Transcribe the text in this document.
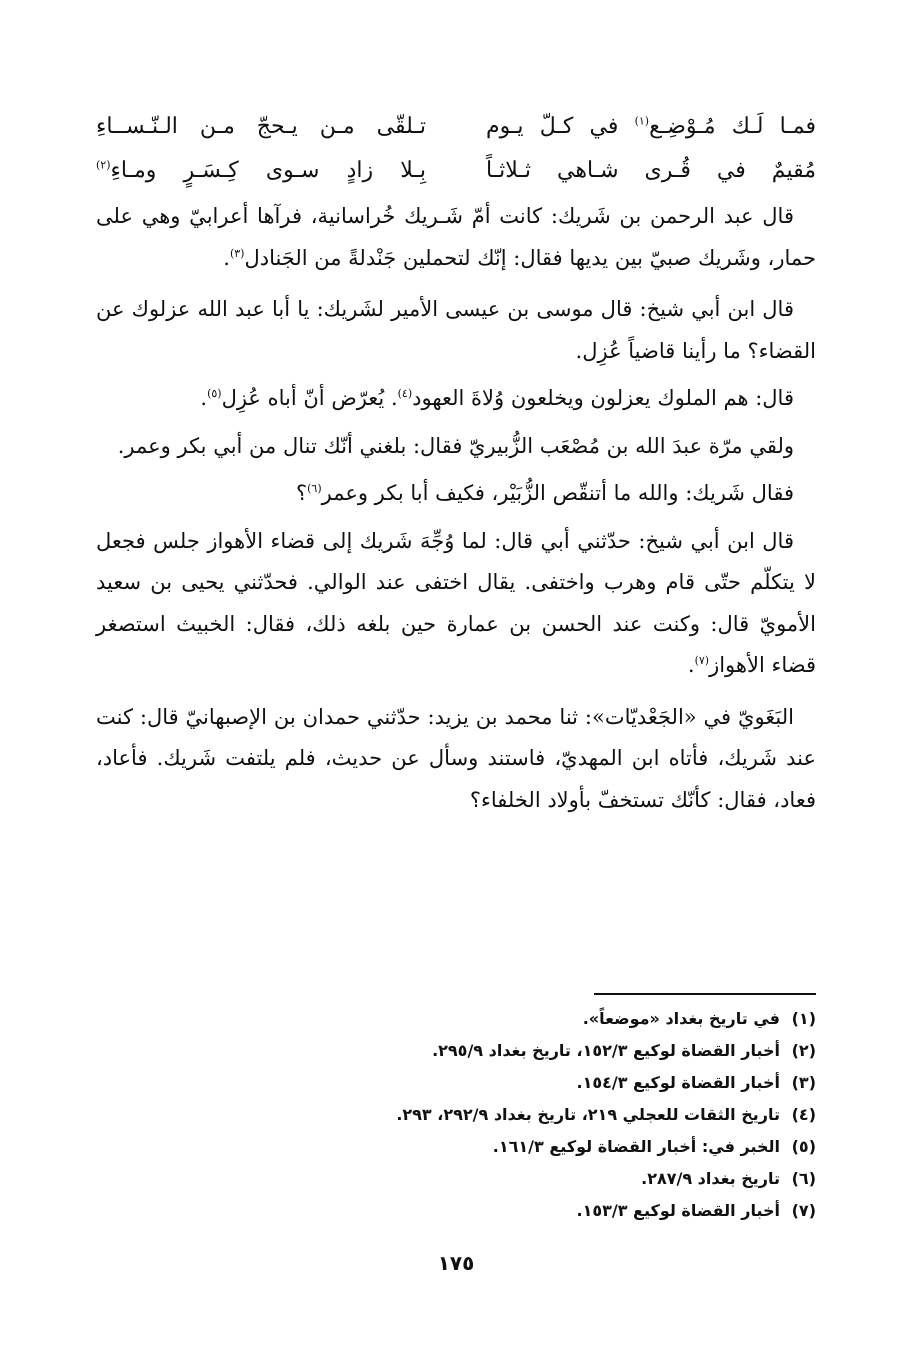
فمـا لَـك مُـوْضِـع$^{(١)}$ في كـلّ يـوم
تـلقّى مـن يـحجّ مـن الـنّـســاءِ
مُقيمٌ في قُـرى شـاهي ثـلاثـاً
بِـلا زادٍ سـوى كِـسَـرٍ ومـاءِ$^{(٢)}$

قال عبد الرحمن بن شَريك: كانت أمّ شَـريك خُراسانية، فرآها أعرابيّ وهي على حمار، وشَريك صبيّ بين يديها فقال: إنّك لتحملين جَنْدلةً من الجَنادل$^{(٣)}$.

قال ابن أبي شيخ: قال موسى بن عيسى الأمير لشَريك: يا أبا عبد الله عزلوك عن القضاء؟ ما رأينا قاضياً عُزِل.

قال: هم الملوك يعزلون ويخلعون وُلاةَ العهود$^{(٤)}$. يُعرّض أنّ أباه عُزِل$^{(٥)}$.

ولقي مرّة عبدَ الله بن مُصْعَب الزُّبيريّ فقال: بلغني أنّك تنال من أبي بكر وعمر.

فقال شَريك: والله ما أتنقّص الزُّبَيْر، فكيف أبا بكر وعمر$^{(٦)}$؟

قال ابن أبي شيخ: حدّثني أبي قال: لما وُجِّهَ شَريك إلى قضاء الأهواز جلس فجعل لا يتكلّم حتّى قام وهرب واختفى. يقال اختفى عند الوالي. فحدّثني يحيى بن سعيد الأمويّ قال: وكنت عند الحسن بن عمارة حين بلغه ذلك، فقال: الخبيث استصغر قضاء الأهواز$^{(٧)}$.

البَغَويّ في «الجَعْديّات»: ثنا محمد بن يزيد: حدّثني حمدان بن الإصبهانيّ قال: كنت عند شَريك، فأتاه ابن المهديّ، فاستند وسأل عن حديث، فلم يلتفت شَريك. فأعاد، فعاد، فقال: كأنّك تستخفّ بأولاد الخلفاء؟

(١)
في تاريخ بغداد «موضعاً».
(٢)
أخبار القضاة لوكيع ١٥٢/٣، تاريخ بغداد ٢٩٥/٩.
(٣)
أخبار القضاة لوكيع ١٥٤/٣.
(٤)
تاريخ الثقات للعجلي ٢١٩، تاريخ بغداد ٢٩٢/٩، ٢٩٣.
(٥)
الخبر في: أخبار القضاة لوكيع ١٦١/٣.
(٦)
تاريخ بغداد ٢٨٧/٩.
(٧)
أخبار القضاة لوكيع ١٥٣/٣.
١٧٥
